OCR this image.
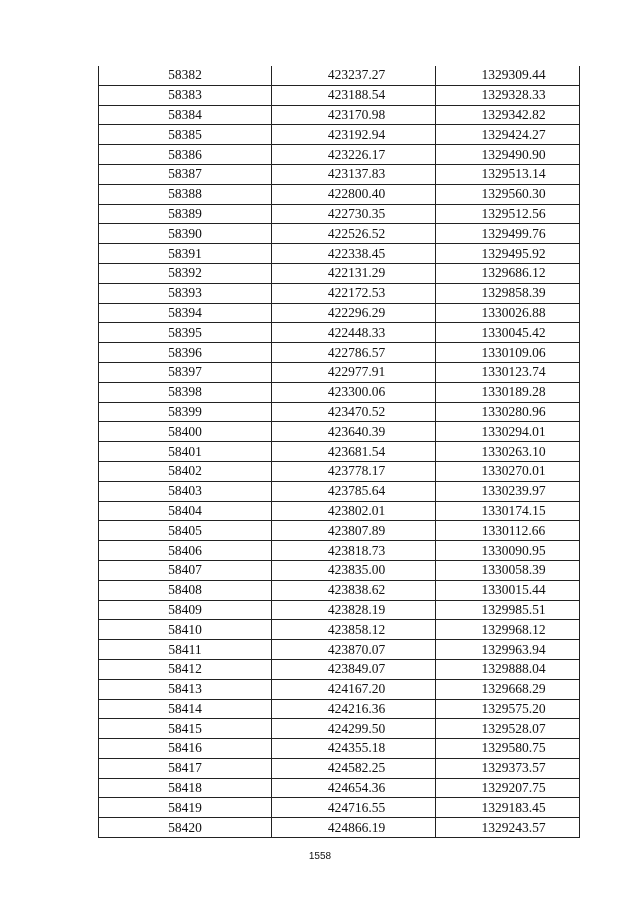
58382	423237.27	1329309.44
58383	423188.54	1329328.33
58384	423170.98	1329342.82
58385	423192.94	1329424.27
58386	423226.17	1329490.90
58387	423137.83	1329513.14
58388	422800.40	1329560.30
58389	422730.35	1329512.56
58390	422526.52	1329499.76
58391	422338.45	1329495.92
58392	422131.29	1329686.12
58393	422172.53	1329858.39
58394	422296.29	1330026.88
58395	422448.33	1330045.42
58396	422786.57	1330109.06
58397	422977.91	1330123.74
58398	423300.06	1330189.28
58399	423470.52	1330280.96
58400	423640.39	1330294.01
58401	423681.54	1330263.10
58402	423778.17	1330270.01
58403	423785.64	1330239.97
58404	423802.01	1330174.15
58405	423807.89	1330112.66
58406	423818.73	1330090.95
58407	423835.00	1330058.39
58408	423838.62	1330015.44
58409	423828.19	1329985.51
58410	423858.12	1329968.12
58411	423870.07	1329963.94
58412	423849.07	1329888.04
58413	424167.20	1329668.29
58414	424216.36	1329575.20
58415	424299.50	1329528.07
58416	424355.18	1329580.75
58417	424582.25	1329373.57
58418	424654.36	1329207.75
58419	424716.55	1329183.45
58420	424866.19	1329243.57
1558
